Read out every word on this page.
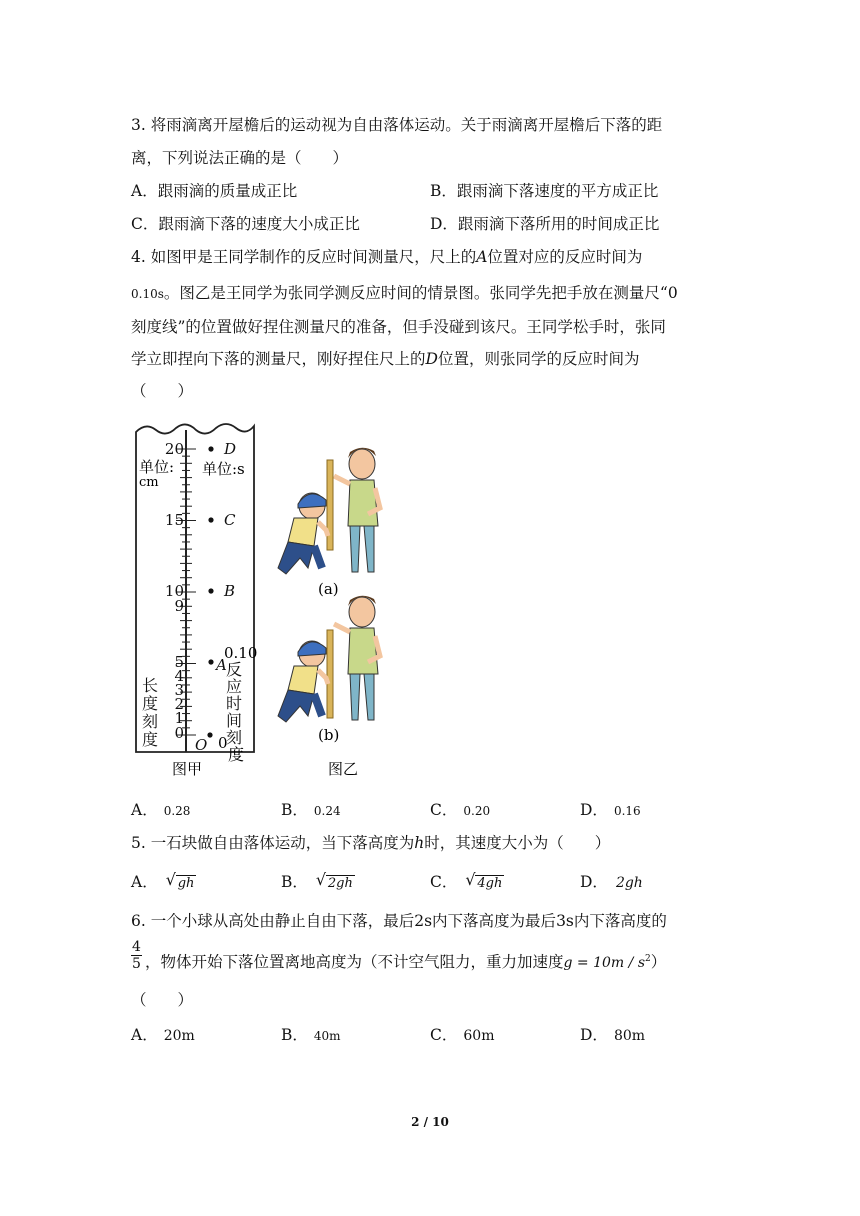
3. 将雨滴离开屋檐后的运动视为自由落体运动。关于雨滴离开屋檐后下落的距
离，下列说法正确的是（　　）
A．跟雨滴的质量成正比	B．跟雨滴下落速度的平方成正比
C．跟雨滴下落的速度大小成正比	D．跟雨滴下落所用的时间成正比
4. 如图甲是王同学制作的反应时间测量尺，尺上的A位置对应的反应时间为
0.10s。图乙是王同学为张同学测反应时间的情景图。张同学先把手放在测量尺“0
刻度线”的位置做好捏住测量尺的准备，但手没碰到该尺。王同学松手时，张同
学立即捏向下落的测量尺，刚好捏住尺上的D位置，则张同学的反应时间为
（　　）
20
15
10
9
5
4
3
2
1
0
单位:
cm
单位:s
D
C
B
A
O
0.10
0
长
度
刻
度
反
应
时
间
刻
度
(a)
(b)
图甲	图乙
A． 0.28	B． 0.24	C． 0.20	D． 0.16
5. 一石块做自由落体运动，当下落高度为h时，其速度大小为（　　）
A． √ gh	B． √ 2gh	C． √ 4gh	D． 2gh
6. 一个小球从高处由静止自由下落，最后2s内下落高度为最后3s内下落高度的
$\frac{4}{5}$ ，物体开始下落位置离地高度为（不计空气阻力，重力加速度$g = 10m / s^2$）
（　　）
A． 20m	B． 40m	C． 60m	D． 80m
2 / 10
